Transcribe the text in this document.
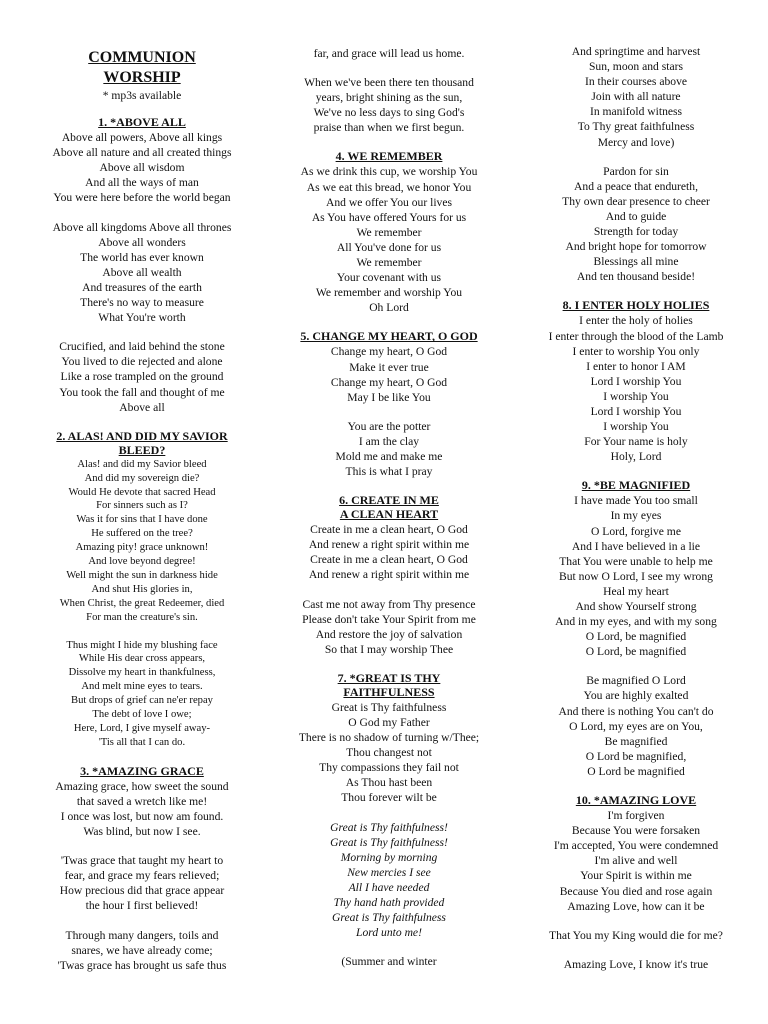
COMMUNION
WORSHIP
* mp3s available
1. *ABOVE ALL
Above all powers, Above all kings
Above all nature and all created things
Above all wisdom
And all the ways of man
You were here before the world began
Above all kingdoms Above all thrones
Above all wonders
The world has ever known
Above all wealth
And treasures of the earth
There's no way to measure
What You're worth
Crucified, and laid behind the stone
You lived to die rejected and alone
Like a rose trampled on the ground
You took the fall and thought of me
Above all
2. ALAS! AND DID MY SAVIOR
BLEED?
Alas! and did my Savior bleed
And did my sovereign die?
Would He devote that sacred Head
For sinners such as I?
Was it for sins that I have done
He suffered on the tree?
Amazing pity! grace unknown!
And love beyond degree!
Well might the sun in darkness hide
And shut His glories in,
When Christ, the great Redeemer, died
For man the creature's sin.
Thus might I hide my blushing face
While His dear cross appears,
Dissolve my heart in thankfulness,
And melt mine eyes to tears.
But drops of grief can ne'er repay
The debt of love I owe;
Here, Lord, I give myself away-
'Tis all that I can do.
3. *AMAZING GRACE
Amazing grace, how sweet the sound
that saved a wretch like me!
I once was lost, but now am found.
Was blind, but now I see.
'Twas grace that taught my heart to
fear, and grace my fears relieved;
How precious did that grace appear
the hour I first believed!
Through many dangers, toils and
snares, we have already come;
'Twas grace has brought us safe thus
far, and grace will lead us home.
When we've been there ten thousand
years, bright shining as the sun,
We've no less days to sing God's
praise than when we first begun.
4. WE REMEMBER
As we drink this cup, we worship You
As we eat this bread, we honor You
And we offer You our lives
As You have offered Yours for us
We remember
All You've done for us
We remember
Your covenant with us
We remember and worship You
Oh Lord
5. CHANGE MY HEART, O GOD
Change my heart, O God
Make it ever true
Change my heart, O God
May I be like You
You are the potter
I am the clay
Mold me and make me
This is what I pray
6. CREATE IN ME
A CLEAN HEART
Create in me a clean heart, O God
And renew a right spirit within me
Create in me a clean heart, O God
And renew a right spirit within me
Cast me not away from Thy presence
Please don't take Your Spirit from me
And restore the joy of salvation
So that I may worship Thee
7. *GREAT IS THY
FAITHFULNESS
Great is Thy faithfulness
O God my Father
There is no shadow of turning w/Thee;
Thou changest not
Thy compassions they fail not
As Thou hast been
Thou forever wilt be
Great is Thy faithfulness!
Great is Thy faithfulness!
Morning by morning
New mercies I see
All I have needed
Thy hand hath provided
Great is Thy faithfulness
Lord unto me!
(Summer and winter
And springtime and harvest
Sun, moon and stars
In their courses above
Join with all nature
In manifold witness
To Thy great faithfulness
Mercy and love)
Pardon for sin
And a peace that endureth,
Thy own dear presence to cheer
And to guide
Strength for today
And bright hope for tomorrow
Blessings all mine
And ten thousand beside!
8. I ENTER HOLY HOLIES
I enter the holy of holies
I enter through the blood of the Lamb
I enter to worship You only
I enter to honor I AM
Lord I worship You
I worship You
Lord I worship You
I worship You
For Your name is holy
Holy, Lord
9. *BE MAGNIFIED
I have made You too small
In my eyes
O Lord, forgive me
And I have believed in a lie
That You were unable to help me
But now O Lord, I see my wrong
Heal my heart
And show Yourself strong
And in my eyes, and with my song
O Lord, be magnified
O Lord, be magnified
Be magnified O Lord
You are highly exalted
And there is nothing You can't do
O Lord, my eyes are on You,
Be magnified
O Lord be magnified,
O Lord be magnified
10. *AMAZING LOVE
I'm forgiven
Because You were forsaken
I'm accepted, You were condemned
I'm alive and well
Your Spirit is within me
Because You died and rose again
Amazing Love, how can it be
That You my King would die for me?
Amazing Love, I know it's true
